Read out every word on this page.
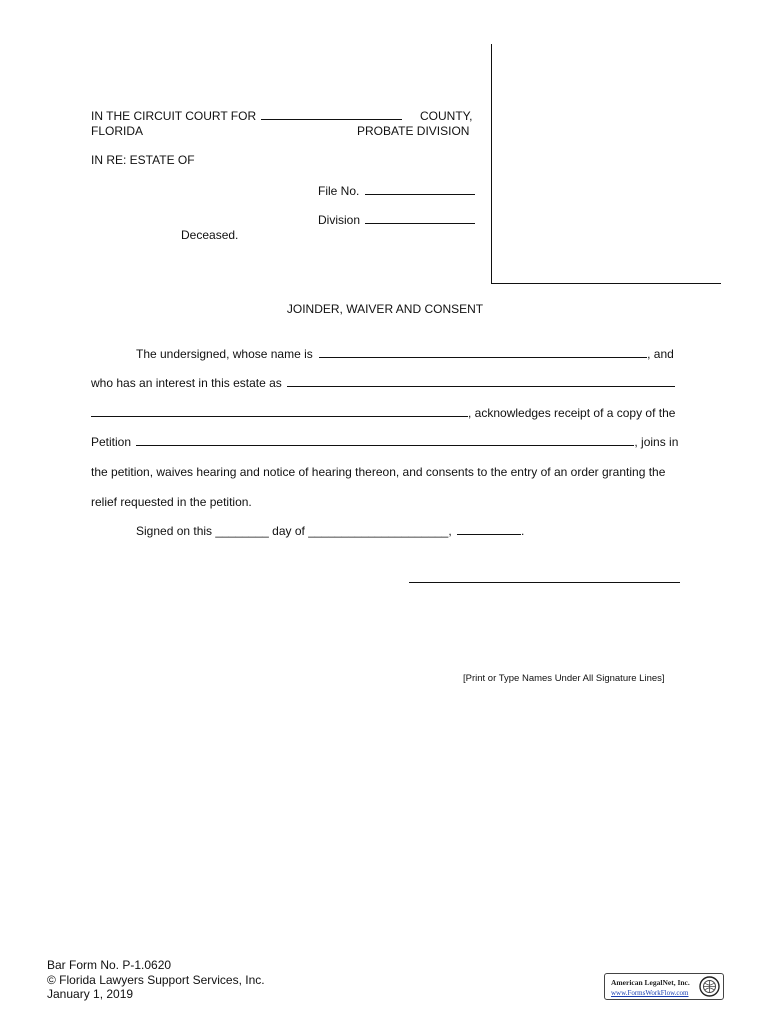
IN THE CIRCUIT COURT FOR	COUNTY,
FLORIDA	PROBATE DIVISION
IN RE: ESTATE OF
File No.
Division
Deceased.
JOINDER, WAIVER AND CONSENT
The undersigned, whose name is	, and
who has an interest in this estate as
, acknowledges receipt of a copy of the
Petition	, joins in
the petition, waives hearing and notice of hearing thereon, and consents to the entry of an order granting the
relief requested in the petition.
Signed on this ________ day of _____________________,	.
[Print or Type Names Under All Signature Lines]
Bar Form No. P-1.0620
© Florida Lawyers Support Services, Inc.
January 1, 2019
American LegalNet, Inc.
www.FormsWorkFlow.com
